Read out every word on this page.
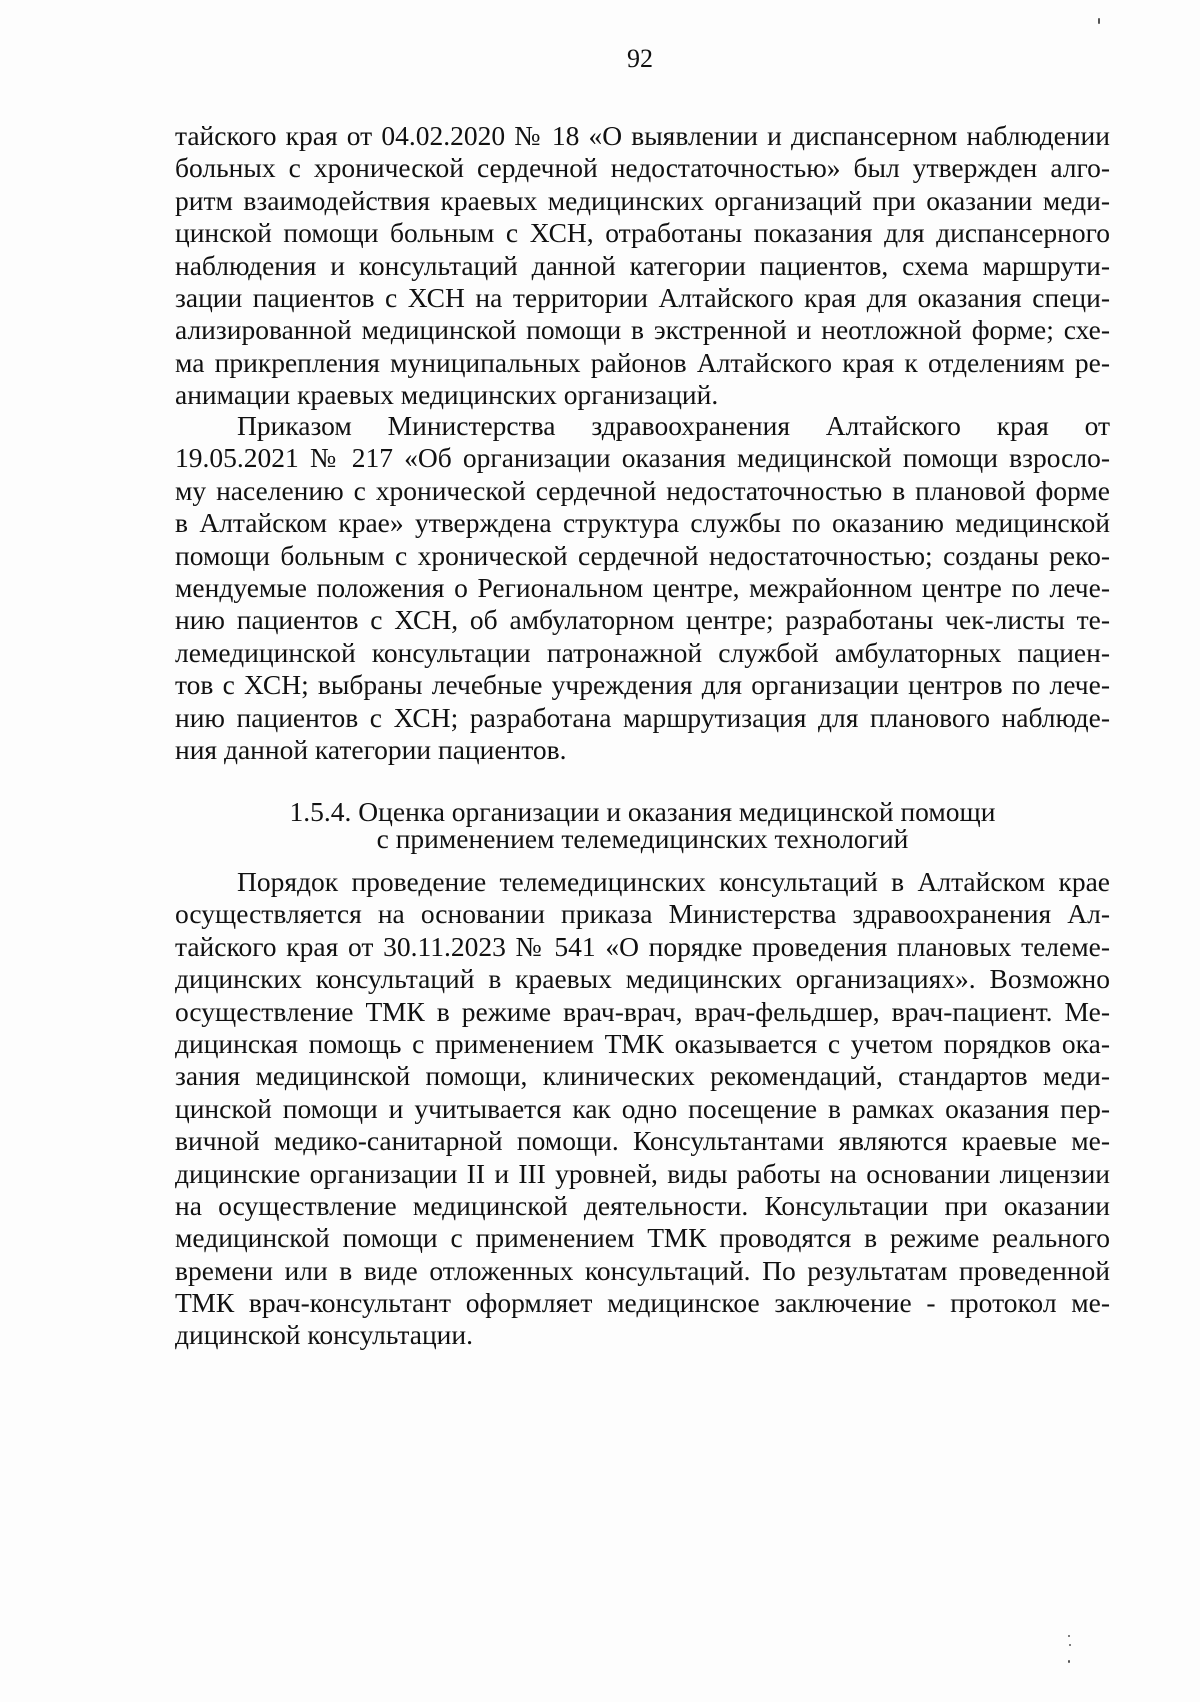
92
тайского края от 04.02.2020 № 18 «О выявлении и диспансерном наблюдении
больных с хронической сердечной недостаточностью» был утвержден алго-
ритм взаимодействия краевых медицинских организаций при оказании меди-
цинской помощи больным с ХСН, отработаны показания для диспансерного
наблюдения и консультаций данной категории пациентов, схема маршрути-
зации пациентов с ХСН на территории Алтайского края для оказания специ-
ализированной медицинской помощи в экстренной и неотложной форме; схе-
ма прикрепления муниципальных районов Алтайского края к отделениям ре-
анимации краевых медицинских организаций.
Приказом Министерства здравоохранения Алтайского края от
19.05.2021 № 217 «Об организации оказания медицинской помощи взросло-
му населению с хронической сердечной недостаточностью в плановой форме
в Алтайском крае» утверждена структура службы по оказанию медицинской
помощи больным с хронической сердечной недостаточностью; созданы реко-
мендуемые положения о Региональном центре, межрайонном центре по лече-
нию пациентов с ХСН, об амбулаторном центре; разработаны чек-листы те-
лемедицинской консультации патронажной службой амбулаторных пациен-
тов с ХСН; выбраны лечебные учреждения для организации центров по лече-
нию пациентов с ХСН; разработана маршрутизация для планового наблюде-
ния данной категории пациентов.
1.5.4. Оценка организации и оказания медицинской помощи
с применением телемедицинских технологий
Порядок проведение телемедицинских консультаций в Алтайском крае
осуществляется на основании приказа Министерства здравоохранения Ал-
тайского края от 30.11.2023 № 541 «О порядке проведения плановых телеме-
дицинских консультаций в краевых медицинских организациях». Возможно
осуществление ТМК в режиме врач-врач, врач-фельдшер, врач-пациент. Ме-
дицинская помощь с применением ТМК оказывается с учетом порядков ока-
зания медицинской помощи, клинических рекомендаций, стандартов меди-
цинской помощи и учитывается как одно посещение в рамках оказания пер-
вичной медико-санитарной помощи. Консультантами являются краевые ме-
дицинские организации II и III уровней, виды работы на основании лицензии
на осуществление медицинской деятельности. Консультации при оказании
медицинской помощи с применением ТМК проводятся в режиме реального
времени или в виде отложенных консультаций. По результатам проведенной
ТМК врач-консультант оформляет медицинское заключение - протокол ме-
дицинской консультации.
